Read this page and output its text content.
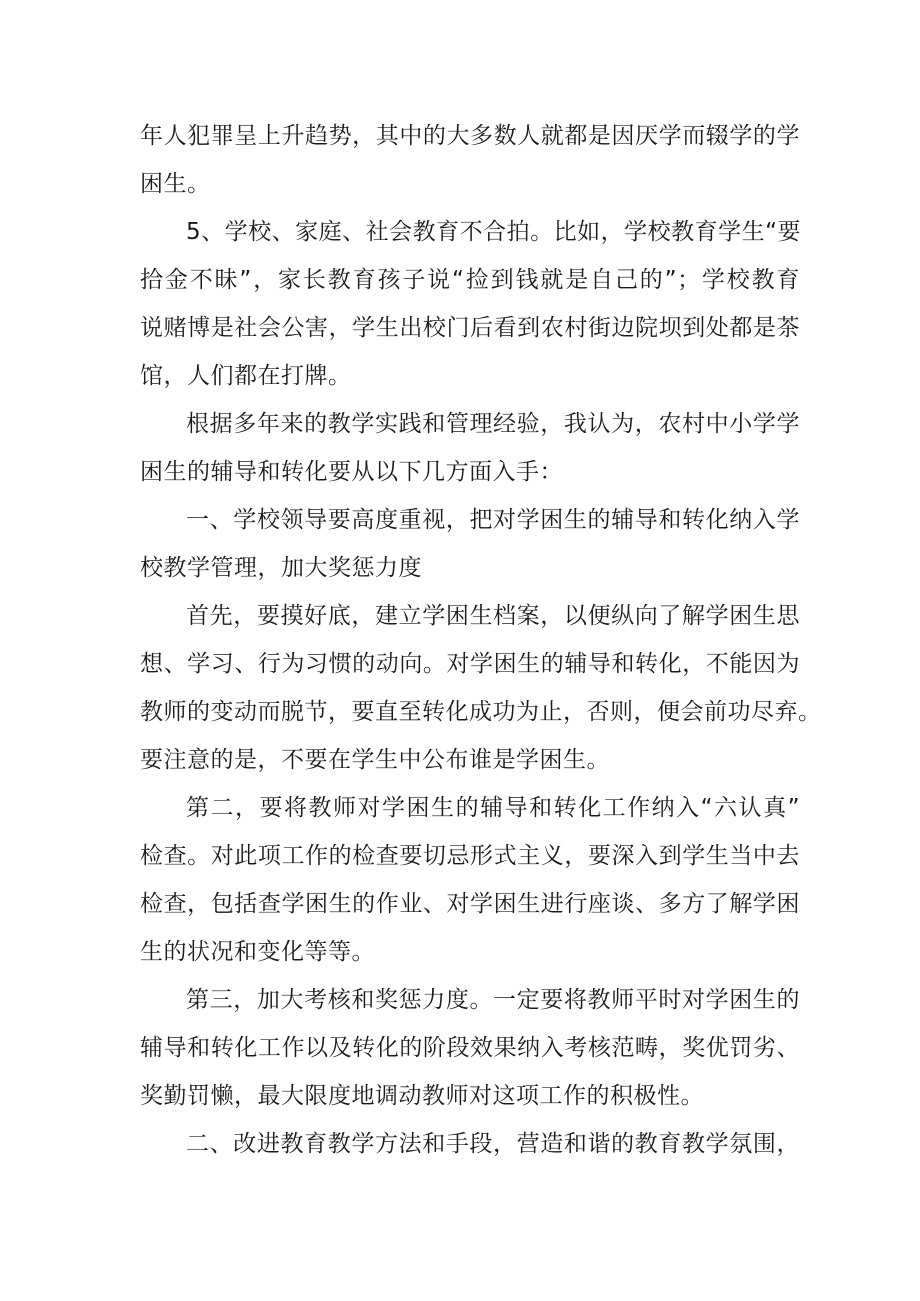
年人犯罪呈上升趋势，其中的大多数人就都是因厌学而辍学的学
困生。
5、学校、家庭、社会教育不合拍。比如，学校教育学生“要
拾金不昧”，家长教育孩子说“捡到钱就是自己的”；学校教育
说赌博是社会公害，学生出校门后看到农村街边院坝到处都是茶
馆，人们都在打牌。
根据多年来的教学实践和管理经验，我认为，农村中小学学
困生的辅导和转化要从以下几方面入手：
一、学校领导要高度重视，把对学困生的辅导和转化纳入学
校教学管理，加大奖惩力度
首先，要摸好底，建立学困生档案，以便纵向了解学困生思
想、学习、行为习惯的动向。对学困生的辅导和转化，不能因为
教师的变动而脱节，要直至转化成功为止，否则，便会前功尽弃。
要注意的是，不要在学生中公布谁是学困生。
第二，要将教师对学困生的辅导和转化工作纳入“六认真”
检查。对此项工作的检查要切忌形式主义，要深入到学生当中去
检查，包括查学困生的作业、对学困生进行座谈、多方了解学困
生的状况和变化等等。
第三，加大考核和奖惩力度。一定要将教师平时对学困生的
辅导和转化工作以及转化的阶段效果纳入考核范畴，奖优罚劣、
奖勤罚懒，最大限度地调动教师对这项工作的积极性。
二、改进教育教学方法和手段，营造和谐的教育教学氛围，
